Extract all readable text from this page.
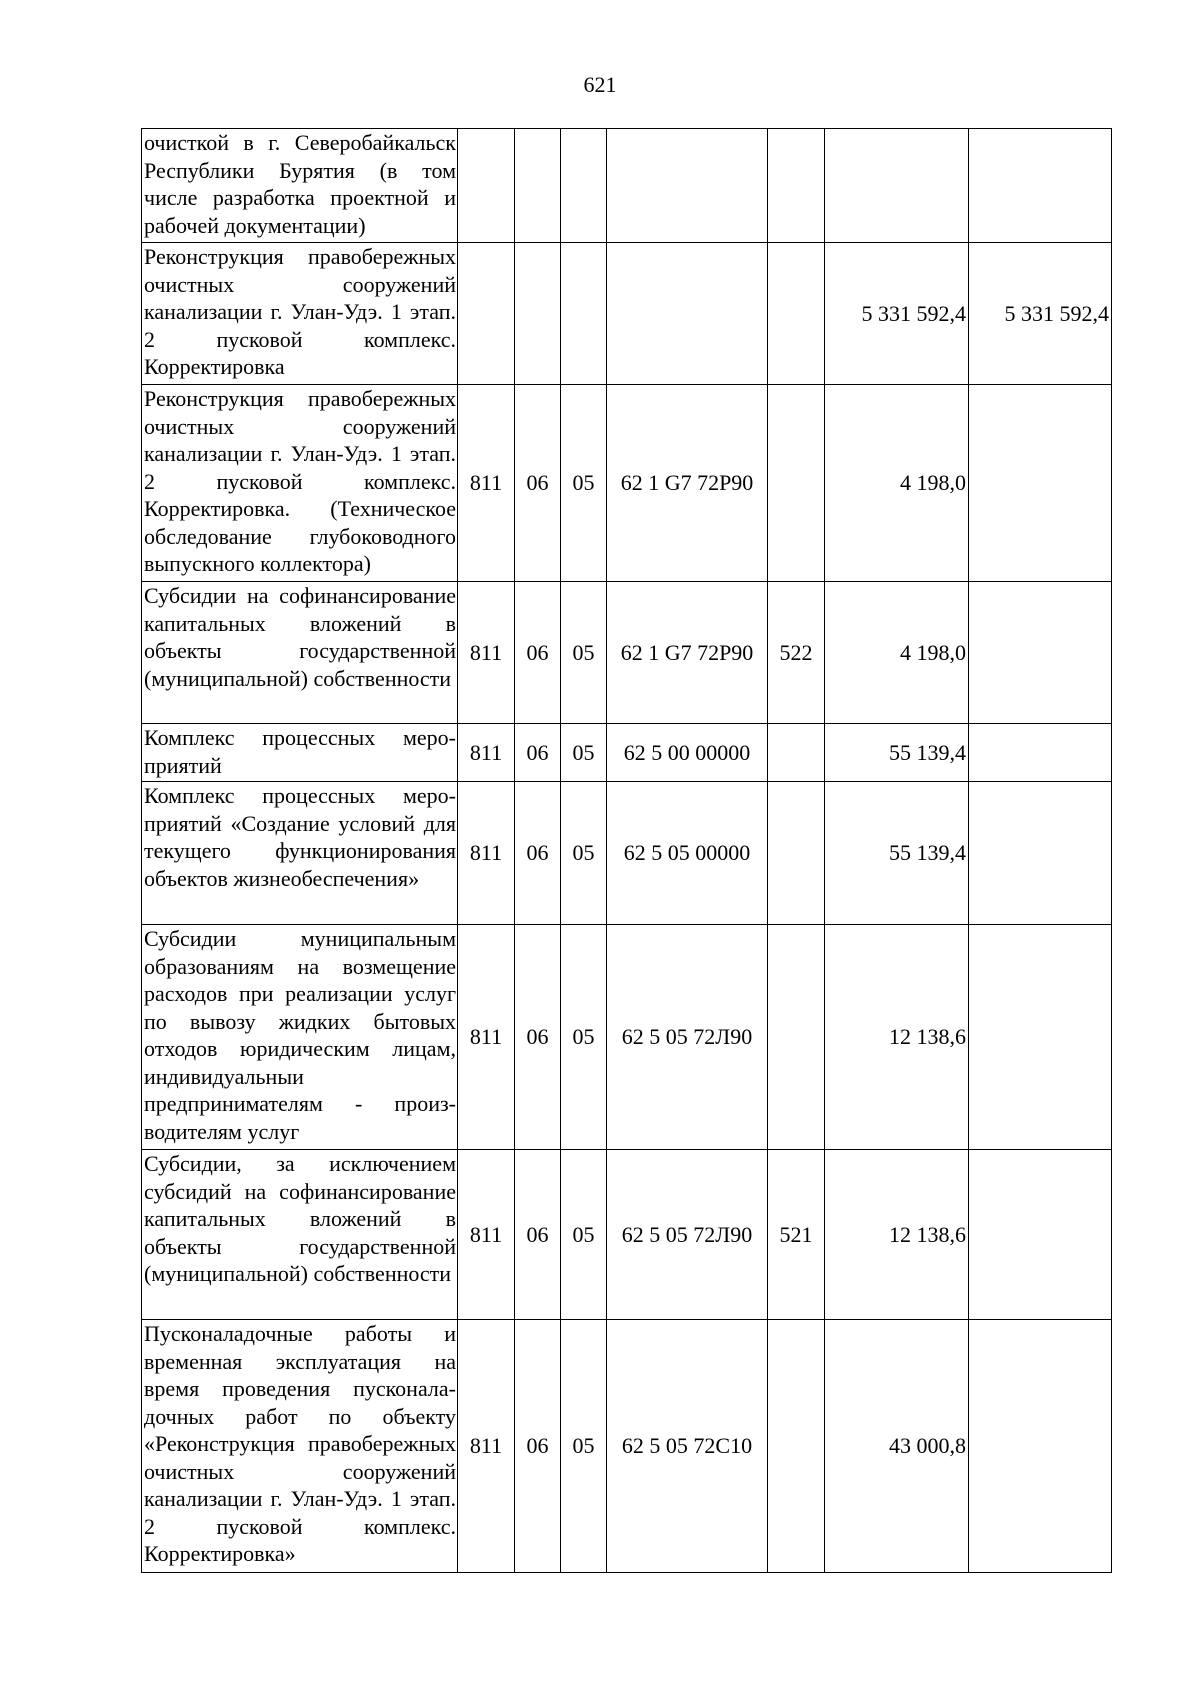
621
очисткой в г. Северобайкальск Республики Бурятия (в том числе разработка проектной и рабочей документации)							
Реконструкция правобережных очистных сооружений канализации г. Улан-Удэ. 1 этап. 2 пусковой комплекс. Корректировка						5 331 592,4	5 331 592,4
Реконструкция правобережных очистных сооружений канализации г. Улан-Удэ. 1 этап. 2 пусковой комплекс. Корректировка. (Техническое обследование глубоководного выпускного коллектора)	811	06	05	62 1 G7 72Р90		4 198,0	
Субсидии на софинансирование капитальных вложений в объекты государственной (муниципальной) собственности	811	06	05	62 1 G7 72Р90	522	4 198,0	
Комплекс процессных мероприятий	811	06	05	62 5 00 00000		55 139,4	
Комплекс процессных мероприятий «Создание условий для текущего функционирования объектов жизнеобеспечения»	811	06	05	62 5 05 00000		55 139,4	
Субсидии муниципальным образованиям на возмещение расходов при реализации услуг по вывозу жидких бытовых отходов юридическим лицам, индивидуальныи предпринимателям - производителям услуг	811	06	05	62 5 05 72Л90		12 138,6	
Субсидии, за исключением субсидий на софинансирование капитальных вложений в объекты государственной (муниципальной) собственности	811	06	05	62 5 05 72Л90	521	12 138,6	
Пусконаладочные работы и временная эксплуатация на время проведения пусконаладочных работ по объекту «Реконструкция правобережных очистных сооружений канализации г. Улан-Удэ. 1 этап. 2 пусковой комплекс. Корректировка»	811	06	05	62 5 05 72С10		43 000,8	
